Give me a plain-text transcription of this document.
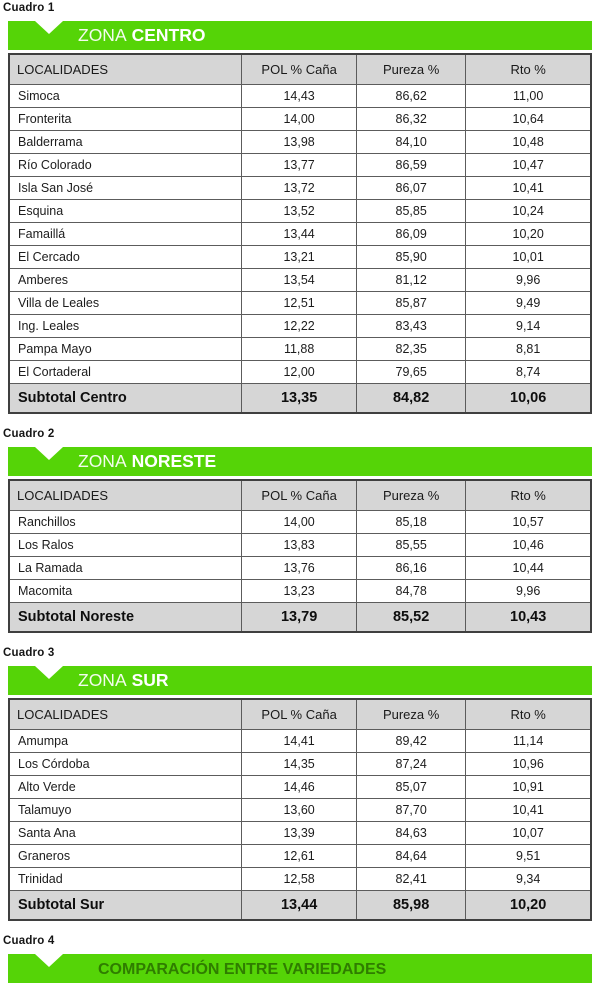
Cuadro 1
ZONA CENTRO
LOCALIDADES	POL % Caña	Pureza %	Rto %
Simoca	14,43	86,62	11,00
Fronterita	14,00	86,32	10,64
Balderrama	13,98	84,10	10,48
Río Colorado	13,77	86,59	10,47
Isla San José	13,72	86,07	10,41
Esquina	13,52	85,85	10,24
Famaillá	13,44	86,09	10,20
El Cercado	13,21	85,90	10,01
Amberes	13,54	81,12	9,96
Villa de Leales	12,51	85,87	9,49
Ing. Leales	12,22	83,43	9,14
Pampa Mayo	11,88	82,35	8,81
El Cortaderal	12,00	79,65	8,74
Subtotal Centro	13,35	84,82	10,06
Cuadro 2
ZONA NORESTE
LOCALIDADES	POL % Caña	Pureza %	Rto %
Ranchillos	14,00	85,18	10,57
Los Ralos	13,83	85,55	10,46
La Ramada	13,76	86,16	10,44
Macomita	13,23	84,78	9,96
Subtotal Noreste	13,79	85,52	10,43
Cuadro 3
ZONA SUR
LOCALIDADES	POL % Caña	Pureza %	Rto %
Amumpa	14,41	89,42	11,14
Los Córdoba	14,35	87,24	10,96
Alto Verde	14,46	85,07	10,91
Talamuyo	13,60	87,70	10,41
Santa Ana	13,39	84,63	10,07
Graneros	12,61	84,64	9,51
Trinidad	12,58	82,41	9,34
Subtotal Sur	13,44	85,98	10,20
Cuadro 4
COMPARACIÓN ENTRE VARIEDADES
